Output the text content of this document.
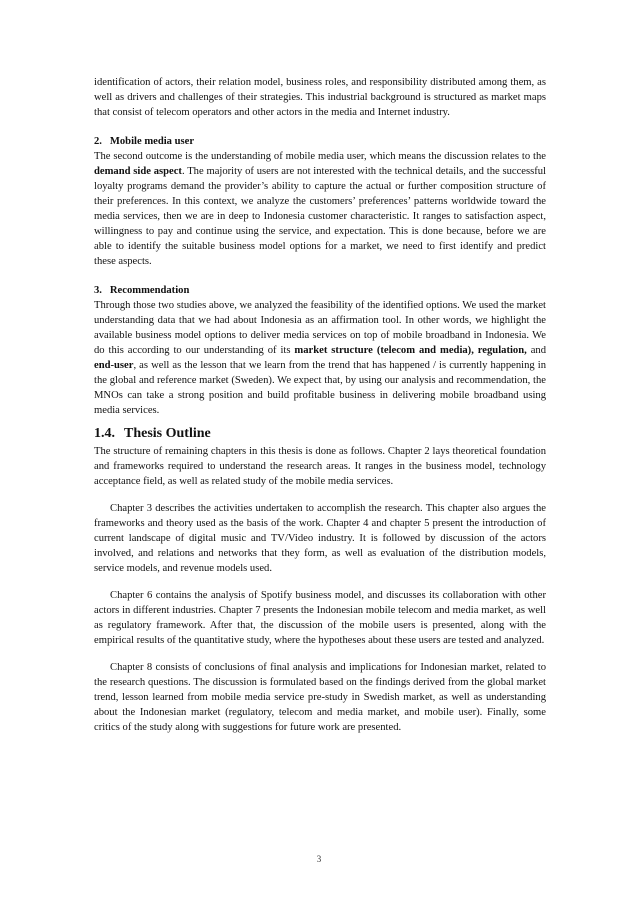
identification of actors, their relation model, business roles, and responsibility distributed among them, as well as drivers and challenges of their strategies. This industrial background is structured as market maps that consist of telecom operators and other actors in the media and Internet industry.

2.   Mobile media user

The second outcome is the understanding of mobile media user, which means the discussion relates to the demand side aspect. The majority of users are not interested with the technical details, and the successful loyalty programs demand the provider’s ability to capture the actual or further composition structure of their preferences. In this context, we analyze the customers’ preferences’ patterns worldwide toward the media services, then we are in deep to Indonesia customer characteristic. It ranges to satisfaction aspect, willingness to pay and continue using the service, and expectation. This is done because, before we are able to identify the suitable business model options for a market, we need to first identify and predict these aspects.

3.   Recommendation

Through those two studies above, we analyzed the feasibility of the identified options. We used the market understanding data that we had about Indonesia as an affirmation tool. In other words, we highlight the available business model options to deliver media services on top of mobile broadband in Indonesia. We do this according to our understanding of its market structure (telecom and media), regulation, and end-user, as well as the lesson that we learn from the trend that has happened / is currently happening in the global and reference market (Sweden). We expect that, by using our analysis and recommendation, the MNOs can take a strong position and build profitable business in delivering mobile broadband using media services.

1.4. Thesis Outline

The structure of remaining chapters in this thesis is done as follows. Chapter 2 lays theoretical foundation and frameworks required to understand the research areas. It ranges in the business model, technology acceptance field, as well as related study of the mobile media services.

Chapter 3 describes the activities undertaken to accomplish the research. This chapter also argues the frameworks and theory used as the basis of the work. Chapter 4 and chapter 5 present the introduction of current landscape of digital music and TV/Video industry. It is followed by discussion of the actors involved, and relations and networks that they form, as well as evaluation of the distribution models, service models, and revenue models used.

Chapter 6 contains the analysis of Spotify business model, and discusses its collaboration with other actors in different industries. Chapter 7 presents the Indonesian mobile telecom and media market, as well as regulatory framework. After that, the discussion of the mobile users is presented, along with the empirical results of the quantitative study, where the hypotheses about these users are tested and analyzed.

Chapter 8 consists of conclusions of final analysis and implications for Indonesian market, related to the research questions. The discussion is formulated based on the findings derived from the global market trend, lesson learned from mobile media service pre-study in Swedish market, as well as understanding about the Indonesian market (regulatory, telecom and media market, and mobile user). Finally, some critics of the study along with suggestions for future work are presented.

3
